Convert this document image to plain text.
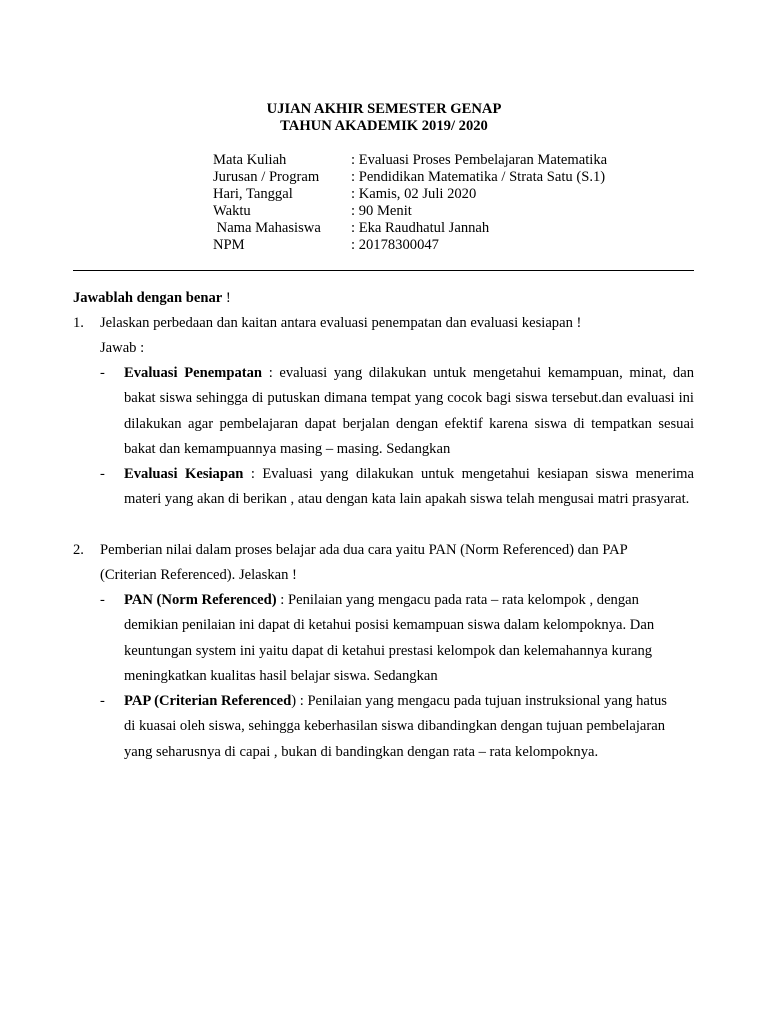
UJIAN AKHIR SEMESTER GENAP
TAHUN AKADEMIK 2019/ 2020
Mata Kuliah	: Evaluasi Proses Pembelajaran Matematika
Jurusan / Program : Pendidikan Matematika / Strata Satu (S.1)
Hari, Tanggal	: Kamis, 02 Juli 2020
Waktu	: 90 Menit
Nama Mahasiswa : Eka Raudhatul Jannah
NPM	: 20178300047
Jawablah dengan benar !
1. Jelaskan perbedaan dan kaitan antara evaluasi penempatan dan evaluasi kesiapan !
Jawab :
- Evaluasi Penempatan : evaluasi yang dilakukan untuk mengetahui kemampuan, minat, dan bakat siswa sehingga di putuskan dimana tempat yang cocok bagi siswa tersebut.dan evaluasi ini dilakukan agar pembelajaran dapat berjalan dengan efektif karena siswa di tempatkan sesuai bakat dan kemampuannya masing – masing. Sedangkan
- Evaluasi Kesiapan : Evaluasi yang dilakukan untuk mengetahui kesiapan siswa menerima materi yang akan di berikan , atau dengan kata lain apakah siswa telah mengusai matri prasyarat.
2. Pemberian nilai dalam proses belajar ada dua cara yaitu PAN (Norm Referenced) dan PAP
(Criterian Referenced). Jelaskan !
- PAN (Norm Referenced) : Penilaian yang mengacu pada rata – rata kelompok , dengan demikian penilaian ini dapat di ketahui posisi kemampuan siswa dalam kelompoknya. Dan keuntungan system ini yaitu dapat di ketahui prestasi kelompok dan kelemahannya kurang meningkatkan kualitas hasil belajar siswa. Sedangkan
- PAP (Criterian Referenced) : Penilaian yang mengacu pada tujuan instruksional yang hatus di kuasai oleh siswa, sehingga keberhasilan siswa dibandingkan dengan tujuan pembelajaran yang seharusnya di capai , bukan di bandingkan dengan rata – rata kelompoknya.
